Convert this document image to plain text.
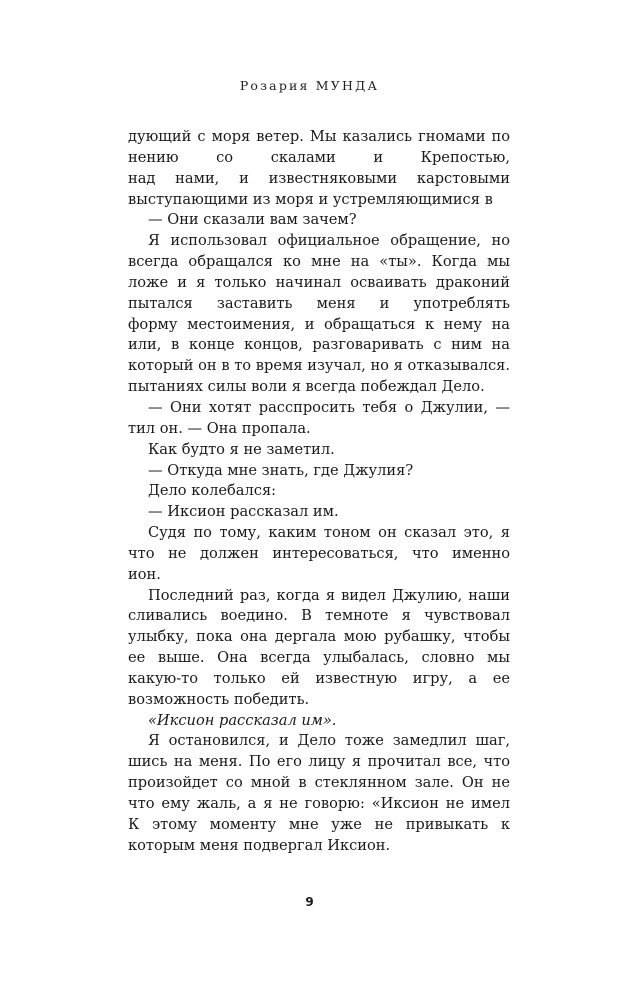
Розария МУНДА
дующий с моря ветер. Мы казались гномами по
нению со скалами и Крепостью,
над нами, и известняковыми карстовыми
выступающими из моря и устремляющимися в
— Они сказали вам зачем?
Я использовал официальное обращение, но
всегда обращался ко мне на «ты». Когда мы
ложе и я только начинал осваивать драконий
пытался заставить меня и употреблять
форму местоимения, и обращаться к нему на
или, в конце концов, разговаривать с ним на
который он в то время изучал, но я отказывался.
пытаниях силы воли я всегда побеждал Дело.
— Они хотят расспросить тебя о Джулии, —
тил он. — Она пропала.
Как будто я не заметил.
— Откуда мне знать, где Джулия?
Дело колебался:
— Иксион рассказал им.
Судя по тому, каким тоном он сказал это, я
что не должен интересоваться, что именно
ион.
Последний раз, когда я видел Джулию, наши
сливались воедино. В темноте я чувствовал
улыбку, пока она дергала мою рубашку, чтобы
ее выше. Она всегда улыбалась, словно мы
какую-то только ей известную игру, а ее
возможность победить.
«Иксион рассказал им».
Я остановился, и Дело тоже замедлил шаг,
шись на меня. По его лицу я прочитал все, что
произойдет со мной в стеклянном зале. Он не
что ему жаль, а я не говорю: «Иксион не имел
К этому моменту мне уже не привыкать к
которым меня подвергал Иксион.
9
